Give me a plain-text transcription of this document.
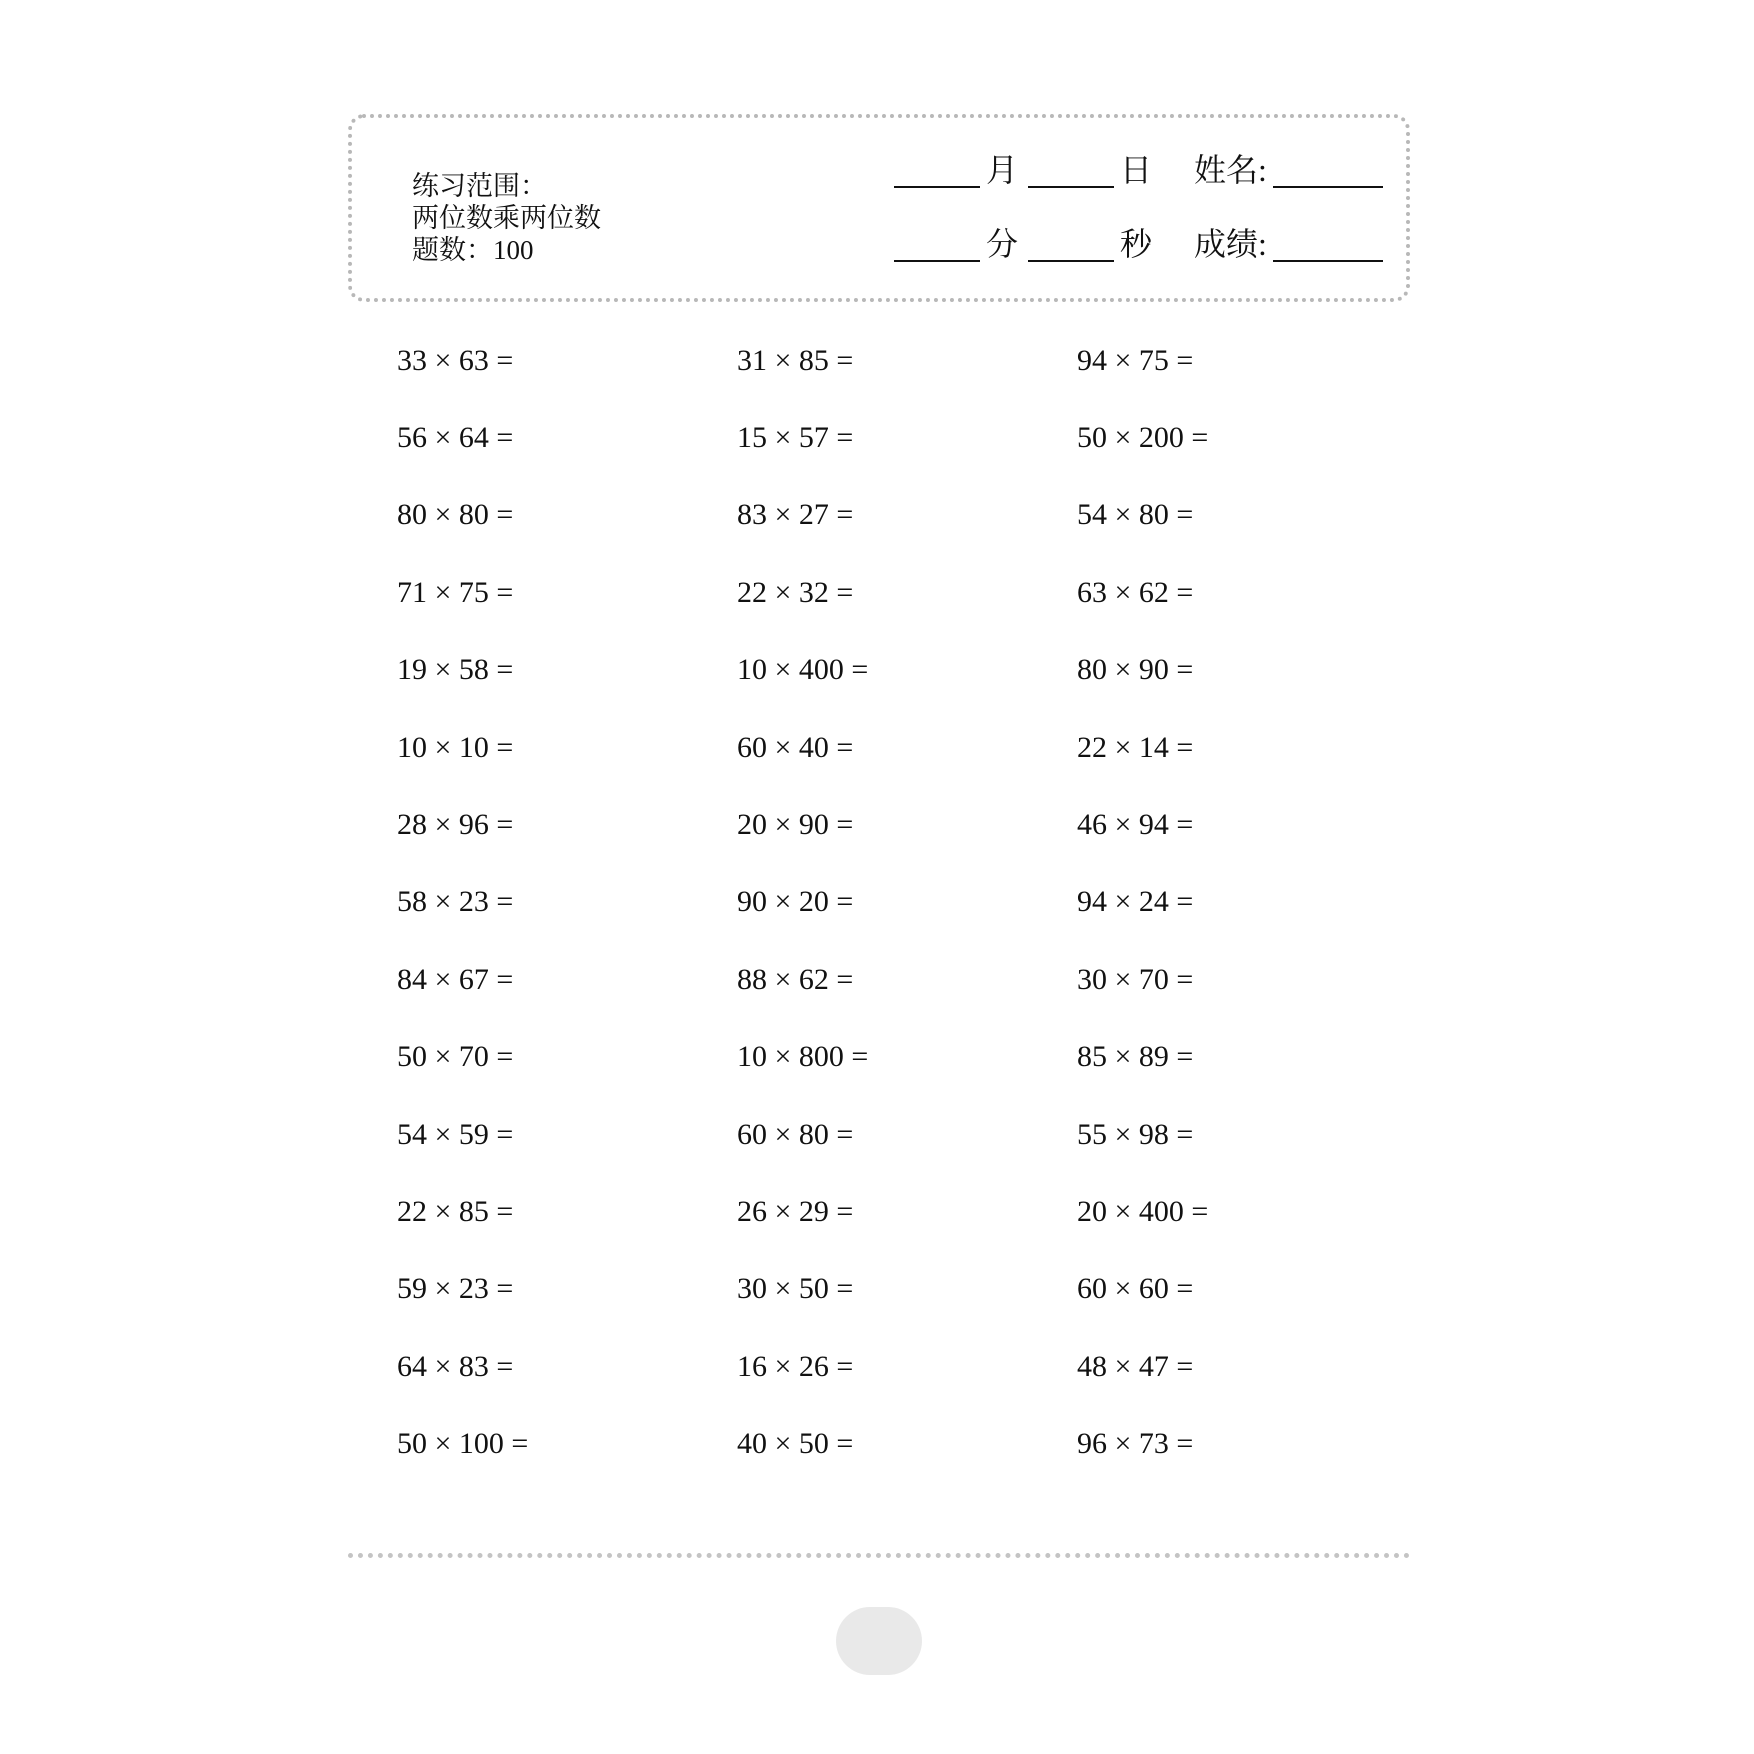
练习范围：
两位数乘两位数
题数：100
月	日 姓名:
分	秒 成绩:
33 × 63 =	31 × 85 =	94 × 75 =
56 × 64 =	15 × 57 =	50 × 200 =
80 × 80 =	83 × 27 =	54 × 80 =
71 × 75 =	22 × 32 =	63 × 62 =
19 × 58 =	10 × 400 =	80 × 90 =
10 × 10 =	60 × 40 =	22 × 14 =
28 × 96 =	20 × 90 =	46 × 94 =
58 × 23 =	90 × 20 =	94 × 24 =
84 × 67 =	88 × 62 =	30 × 70 =
50 × 70 =	10 × 800 =	85 × 89 =
54 × 59 =	60 × 80 =	55 × 98 =
22 × 85 =	26 × 29 =	20 × 400 =
59 × 23 =	30 × 50 =	60 × 60 =
64 × 83 =	16 × 26 =	48 × 47 =
50 × 100 =	40 × 50 =	96 × 73 =
